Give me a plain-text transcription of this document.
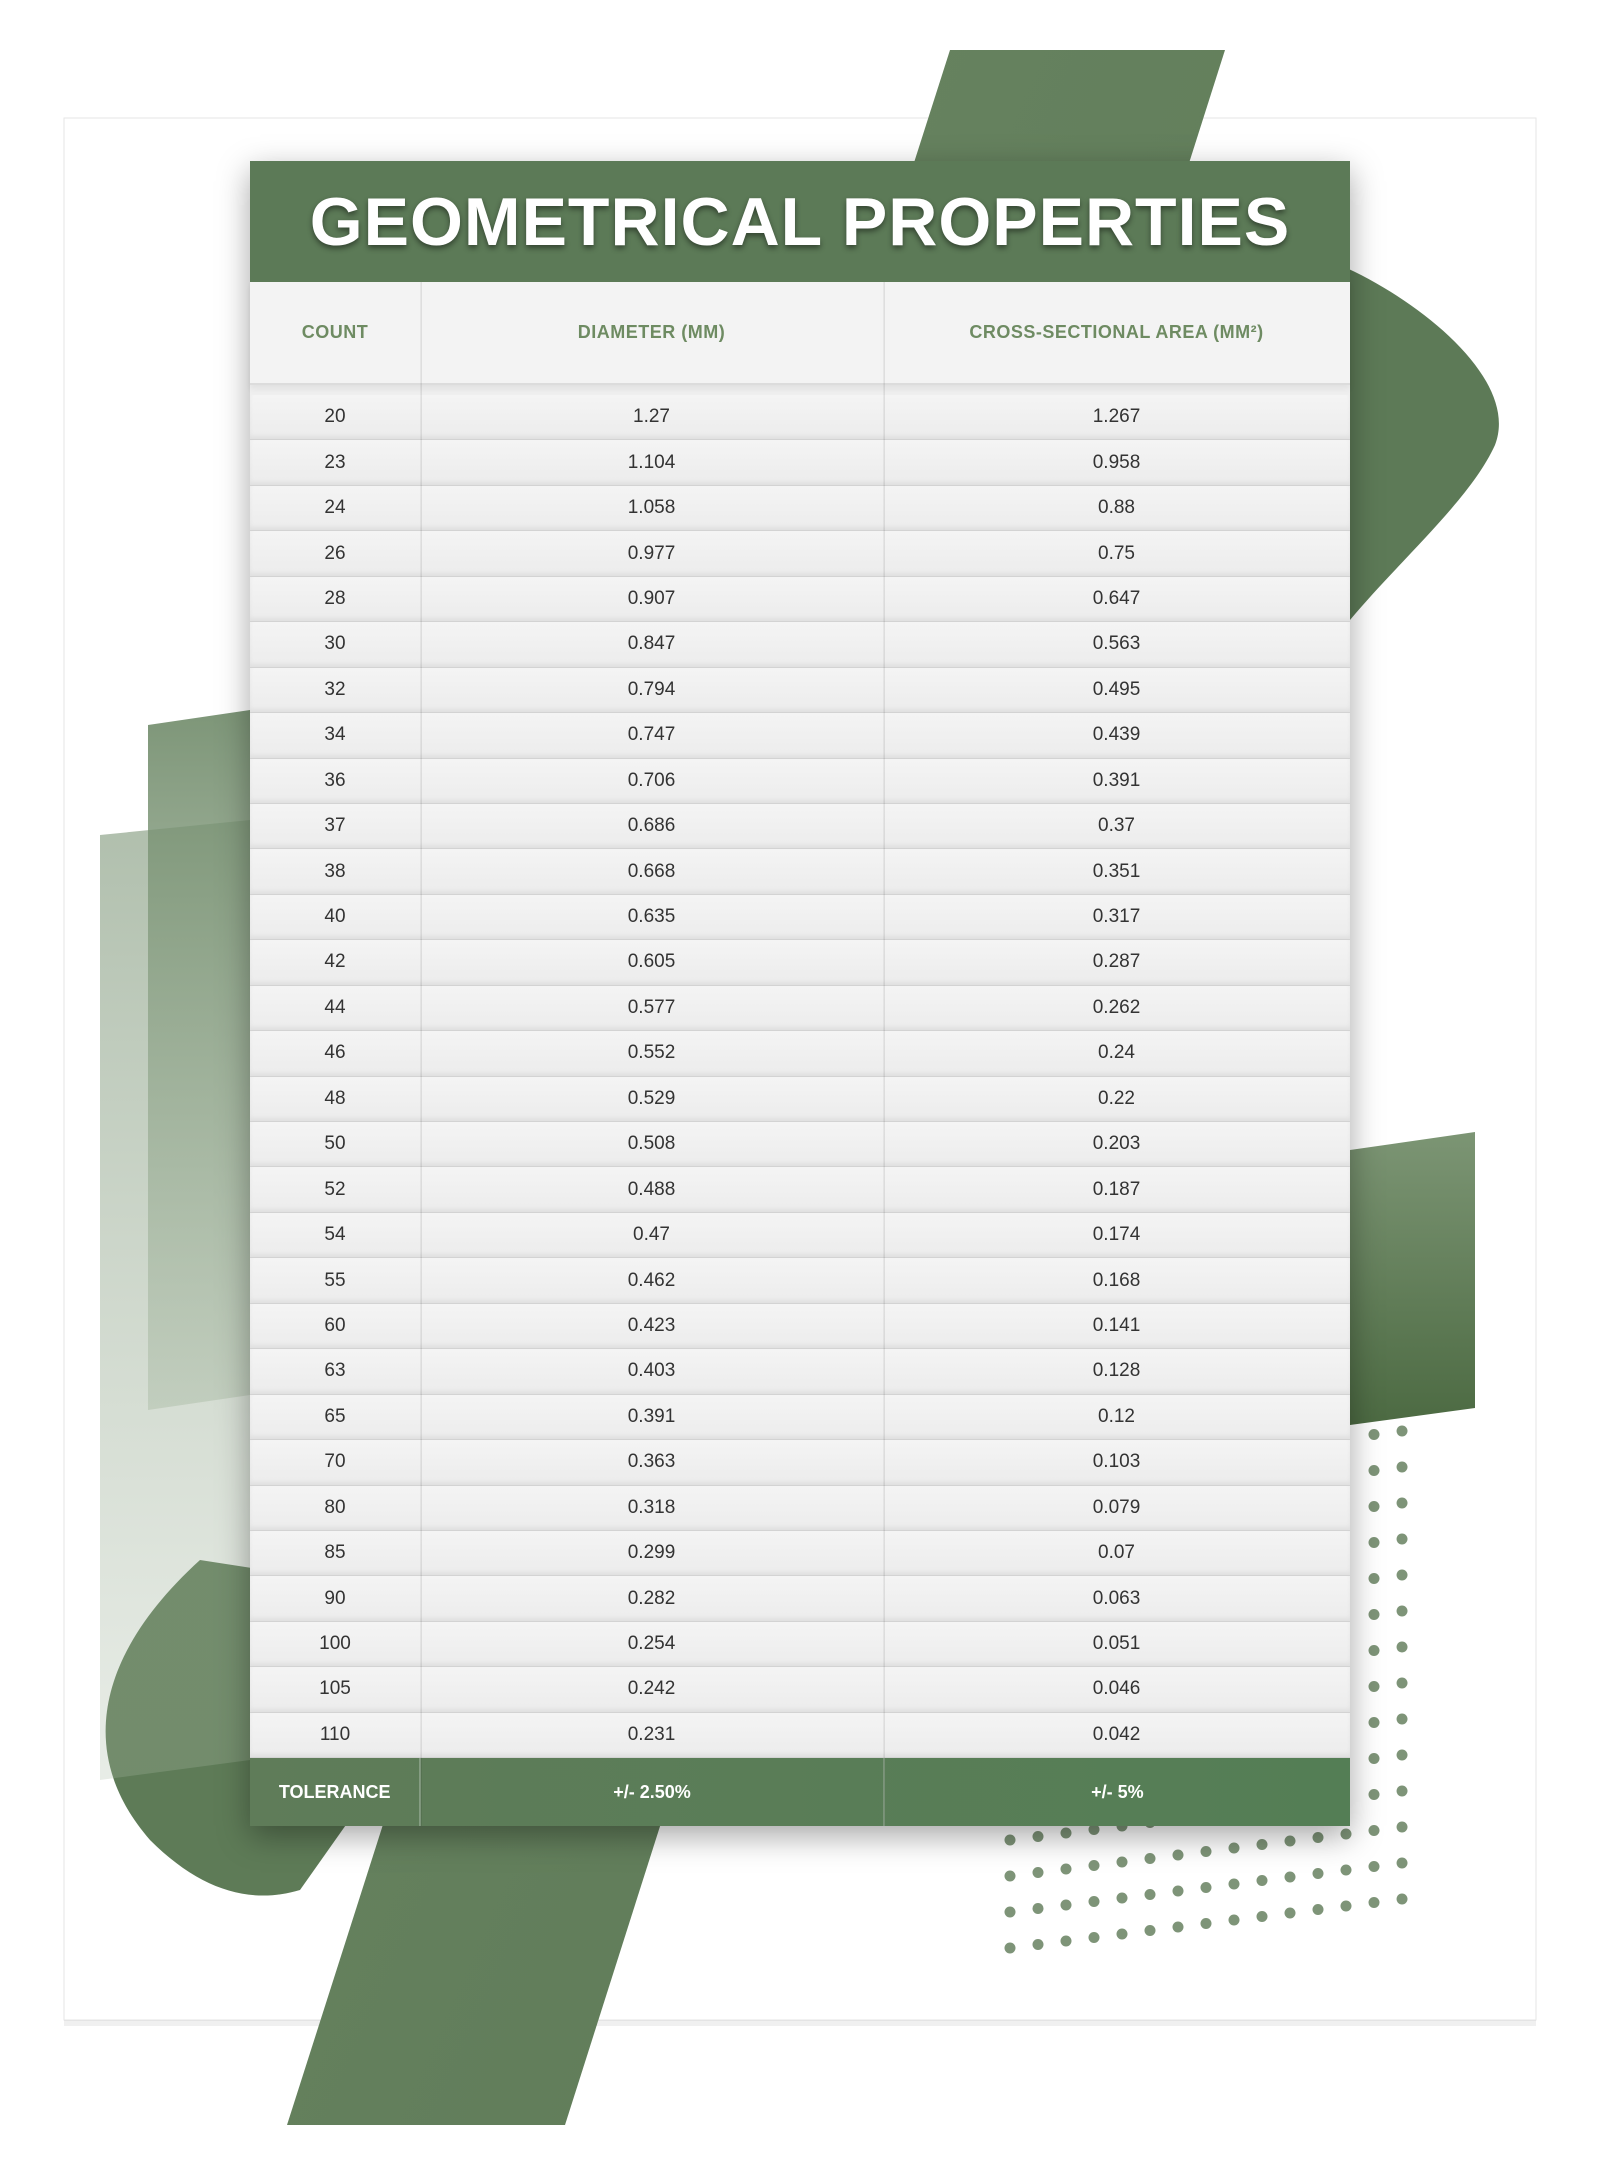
GEOMETRICAL PROPERTIES
COUNT	DIAMETER (MM)	CROSS-SECTIONAL AREA (MM²)
20	1.27	1.267
23	1.104	0.958
24	1.058	0.88
26	0.977	0.75
28	0.907	0.647
30	0.847	0.563
32	0.794	0.495
34	0.747	0.439
36	0.706	0.391
37	0.686	0.37
38	0.668	0.351
40	0.635	0.317
42	0.605	0.287
44	0.577	0.262
46	0.552	0.24
48	0.529	0.22
50	0.508	0.203
52	0.488	0.187
54	0.47	0.174
55	0.462	0.168
60	0.423	0.141
63	0.403	0.128
65	0.391	0.12
70	0.363	0.103
80	0.318	0.079
85	0.299	0.07
90	0.282	0.063
100	0.254	0.051
105	0.242	0.046
110	0.231	0.042
TOLERANCE	+/- 2.50%	+/- 5%
